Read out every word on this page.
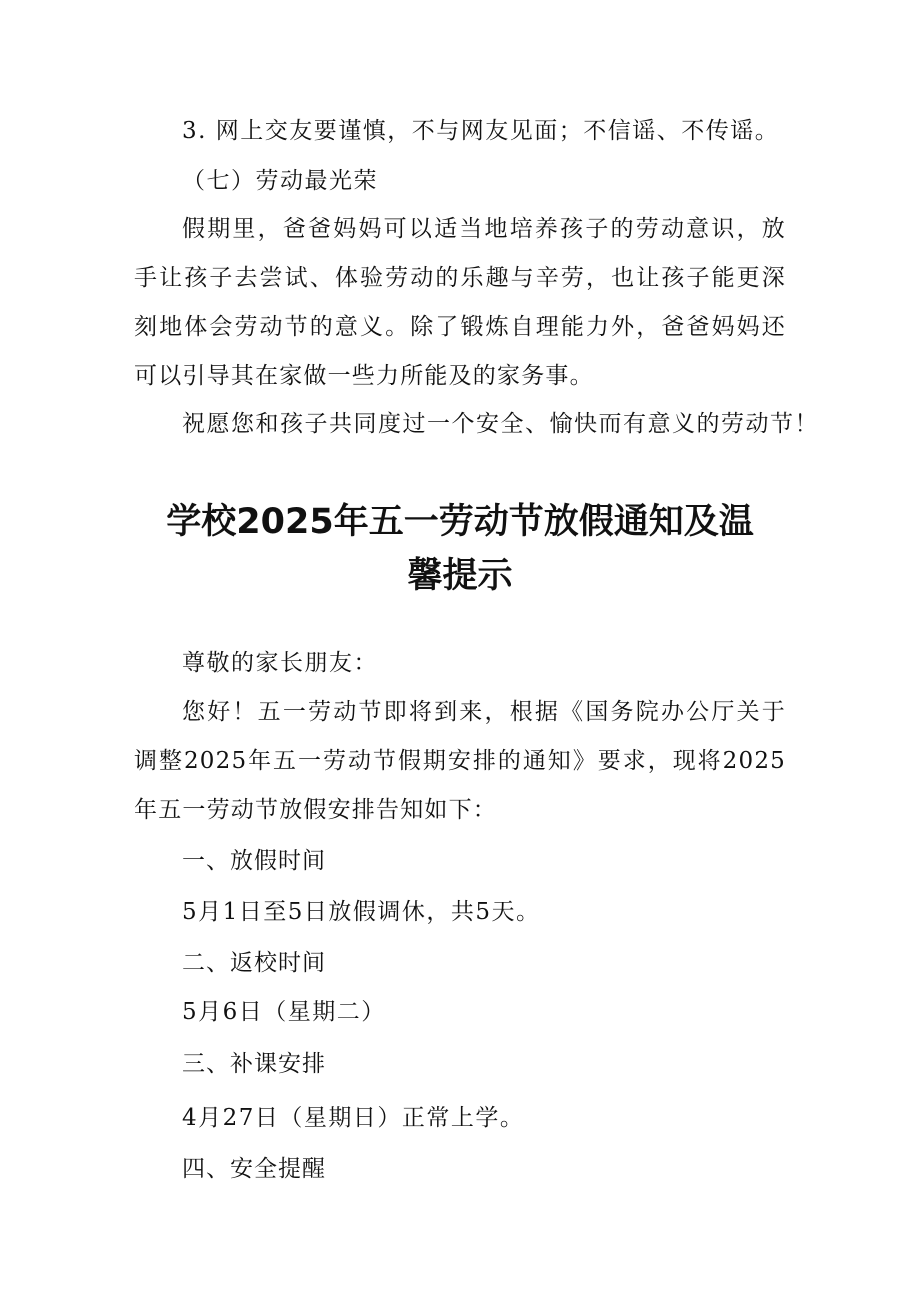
3. 网上交友要谨慎，不与网友见面；不信谣、不传谣。
（七）劳动最光荣

假期里，爸爸妈妈可以适当地培养孩子的劳动意识，放手让孩子去尝试、体验劳动的乐趣与辛劳，也让孩子能更深刻地体会劳动节的意义。除了锻炼自理能力外，爸爸妈妈还可以引导其在家做一些力所能及的家务事。

祝愿您和孩子共同度过一个安全、愉快而有意义的劳动节！
学校2025年五一劳动节放假通知及温馨提示
尊敬的家长朋友：

您好！五一劳动节即将到来，根据《国务院办公厅关于调整2025年五一劳动节假期安排的通知》要求，现将2025年五一劳动节放假安排告知如下：

一、放假时间
5月1日至5日放假调休，共5天。
二、返校时间
5月6日（星期二）
三、补课安排
4月27日（星期日）正常上学。
四、安全提醒
